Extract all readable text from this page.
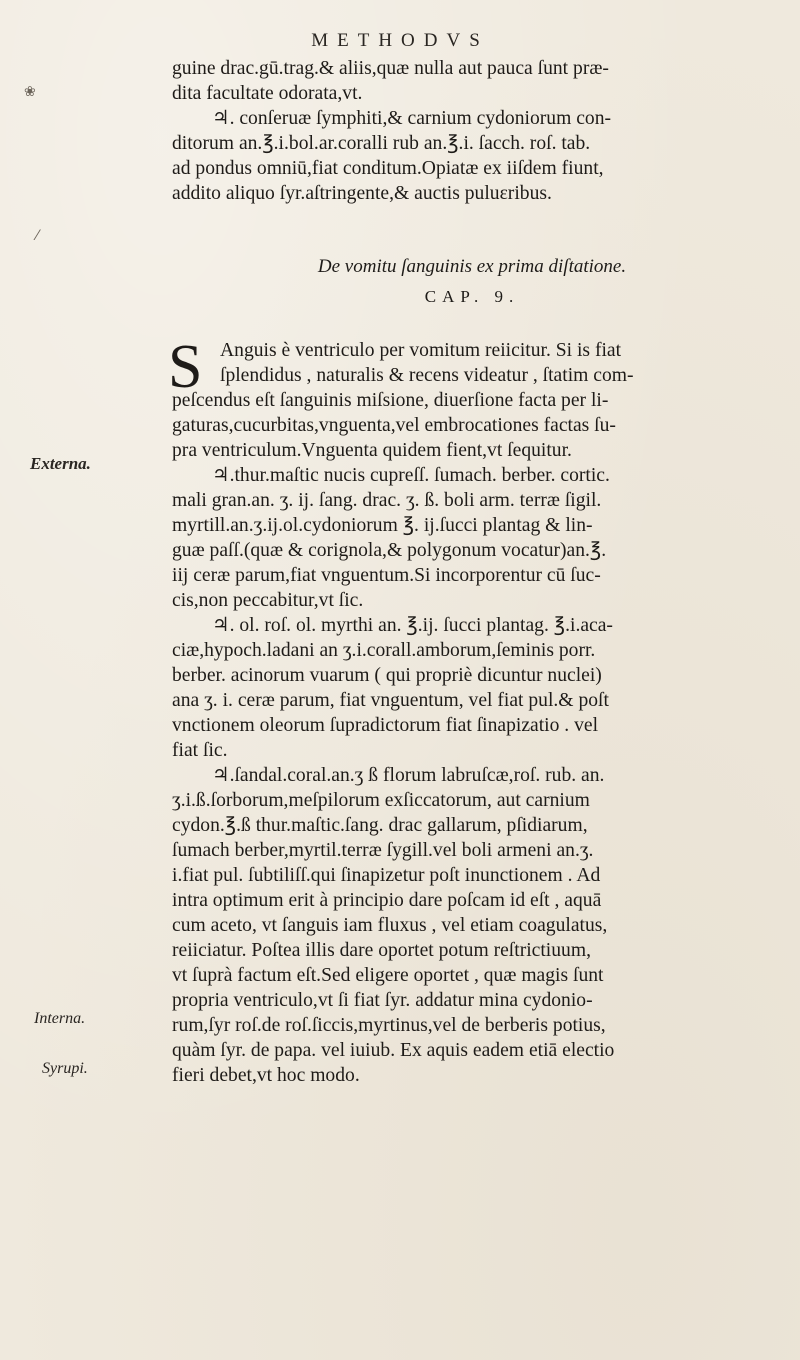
METHODVS
❀
⁄
guine drac.gū.trag.& aliis,quæ nulla aut pauca ſunt præ-
dita facultate odorata,vt.
♃. conſeruæ ſymphiti,& carnium cydoniorum con-
ditorum an.℥.i.bol.ar.coralli rub an.℥.i. ſacch. roſ. tab.
ad pondus omniū,fiat conditum.Opiatæ ex iiſdem fiunt,
addito aliquo ſyr.aſtringente,& auctis puluεribus.
De vomitu ſanguinis ex prima diſtatione.
CAP. 9.
S Anguis è ventriculo per vomitum reiicitur. Si is fiat
ſplendidus , naturalis & recens videatur , ſtatim com-
peſcendus eſt ſanguinis miſsione, diuerſione facta per li-
gaturas,cucurbitas,vnguenta,vel embrocationes factas ſu-
pra ventriculum.Vnguenta quidem fient,vt ſequitur.
♃.thur.maſtic nucis cupreſſ. ſumach. berber. cortic.
mali gran.an. ʒ. ij. ſang. drac. ʒ. ß. boli arm. terræ ſigil.
myrtill.an.ʒ.ij.ol.cydoniorum ℥. ij.ſucci plantag & lin-
guæ paſſ.(quæ & corignola,& polygonum vocatur)an.℥.
iij ceræ parum,fiat vnguentum.Si incorporentur cū ſuc-
cis,non peccabitur,vt ſic.
♃. ol. roſ. ol. myrthi an. ℥.ij. ſucci plantag. ℥.i.aca-
ciæ,hypoch.ladani an ʒ.i.corall.amborum,ſeminis porr.
berber. acinorum vuarum ( qui propriè dicuntur nuclei)
ana ʒ. i. ceræ parum, fiat vnguentum, vel fiat pul.& poſt
vnctionem oleorum ſupradictorum fiat ſinapizatio . vel
fiat ſic.
♃.ſandal.coral.an.ʒ ß florum labruſcæ,roſ. rub. an.
ʒ.i.ß.ſorborum,meſpilorum exſiccatorum, aut carnium
cydon.℥.ß thur.maſtic.ſang. drac gallarum, pſidiarum,
ſumach berber,myrtil.terræ ſygill.vel boli armeni an.ʒ.
i.fiat pul. ſubtiliſſ.qui ſinapizetur poſt inunctionem . Ad
intra optimum erit à principio dare poſcam id eſt , aquā
cum aceto, vt ſanguis iam fluxus , vel etiam coagulatus,
reiiciatur. Poſtea illis dare oportet potum reſtrictiuum,
vt ſuprà factum eſt.Sed eligere oportet , quæ magis ſunt
propria ventriculo,vt ſi fiat ſyr. addatur mina cydonio-
rum,ſyr roſ.de roſ.ſiccis,myrtinus,vel de berberis potius,
quàm ſyr. de papa. vel iuiub. Ex aquis eadem etiā electio
fieri debet,vt hoc modo.
Externa.
Interna.
Syrupi.
